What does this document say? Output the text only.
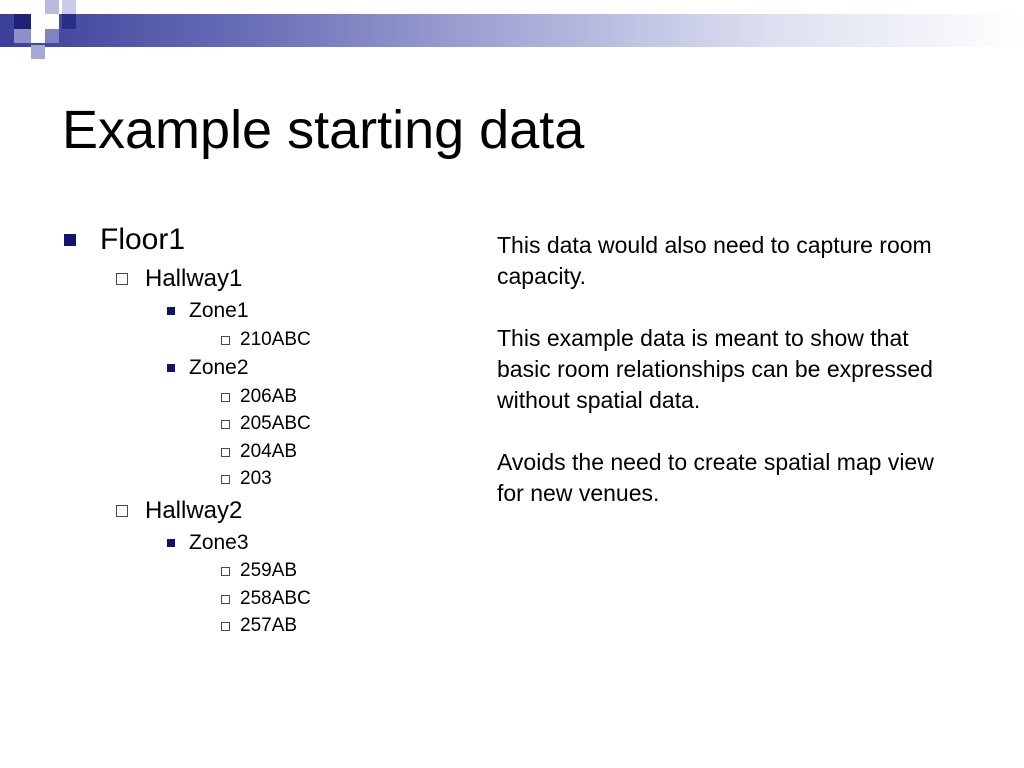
Example starting data
Floor1
Hallway1
Zone1
210ABC
Zone2
206AB
205ABC
204AB
203
Hallway2
Zone3
259AB
258ABC
257AB

This data would also need to capture room capacity.

This example data is meant to show that basic room relationships can be expressed without spatial data.

Avoids the need to create spatial map view for new venues.
